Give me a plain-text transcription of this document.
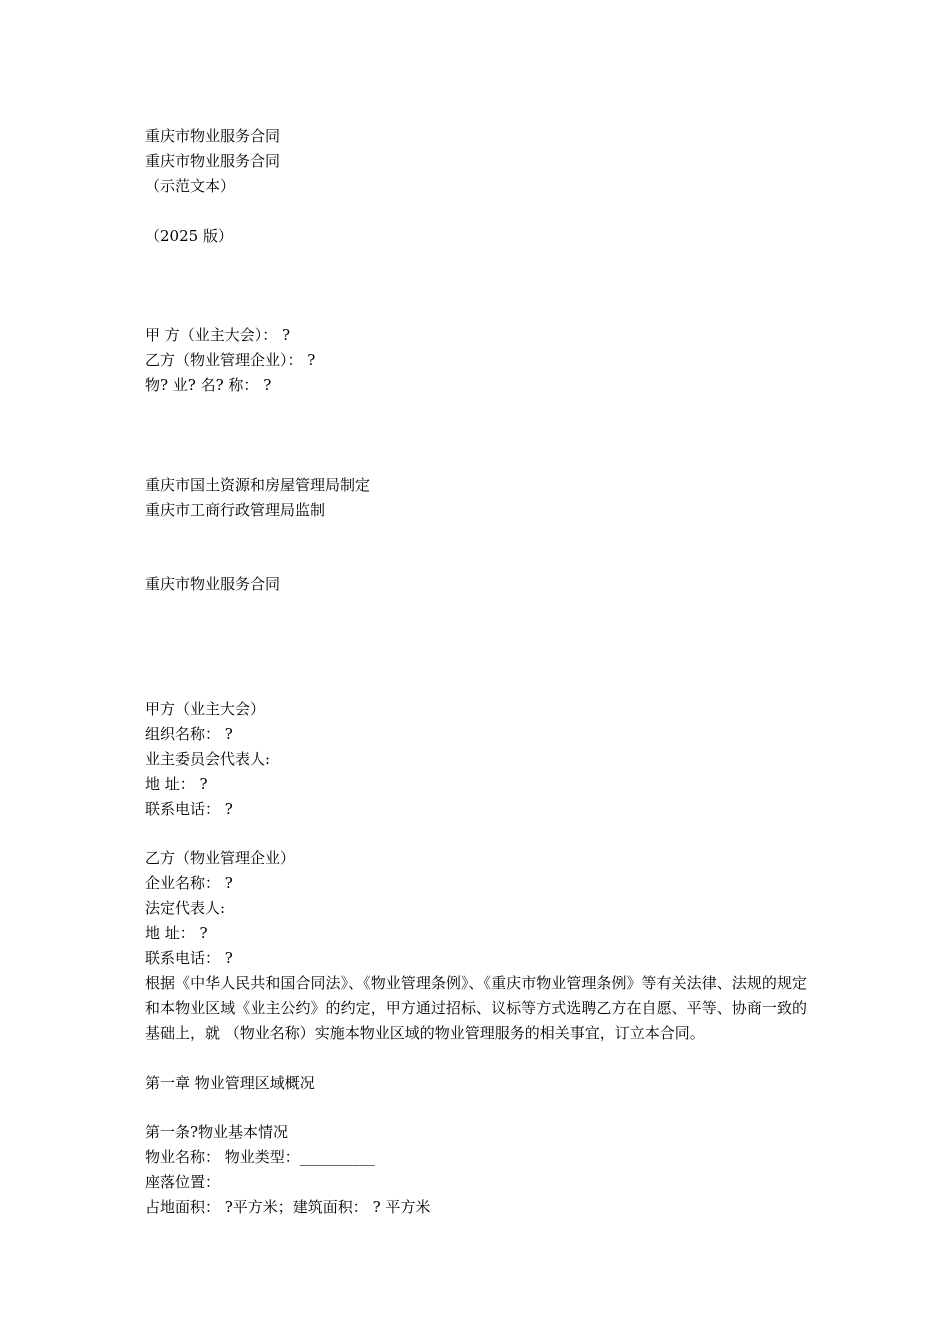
重庆市物业服务合同
重庆市物业服务合同
（示范文本）
（2025 版）
甲 方（业主大会）： ?
乙方（物业管理企业）： ?
物? 业? 名? 称： ?
重庆市国土资源和房屋管理局制定
重庆市工商行政管理局监制
重庆市物业服务合同
甲方（业主大会）
组织名称： ?
业主委员会代表人:
地 址： ?
联系电话： ?
乙方（物业管理企业）
企业名称： ?
法定代表人:
地 址： ?
联系电话： ?
根据《中华人民共和国合同法》、《物业管理条例》、《重庆市物业管理条例》等有关法律、法规的规定和本物业区域《业主公约》的约定，甲方通过招标、议标等方式选聘乙方在自愿、平等、协商一致的基础上，就 （物业名称）实施本物业区域的物业管理服务的相关事宜，订立本合同。
第一章 物业管理区域概况
第一条?物业基本情况
物业名称： 物业类型：__________
座落位置：
占地面积： ?平方米；建筑面积： ? 平方米
